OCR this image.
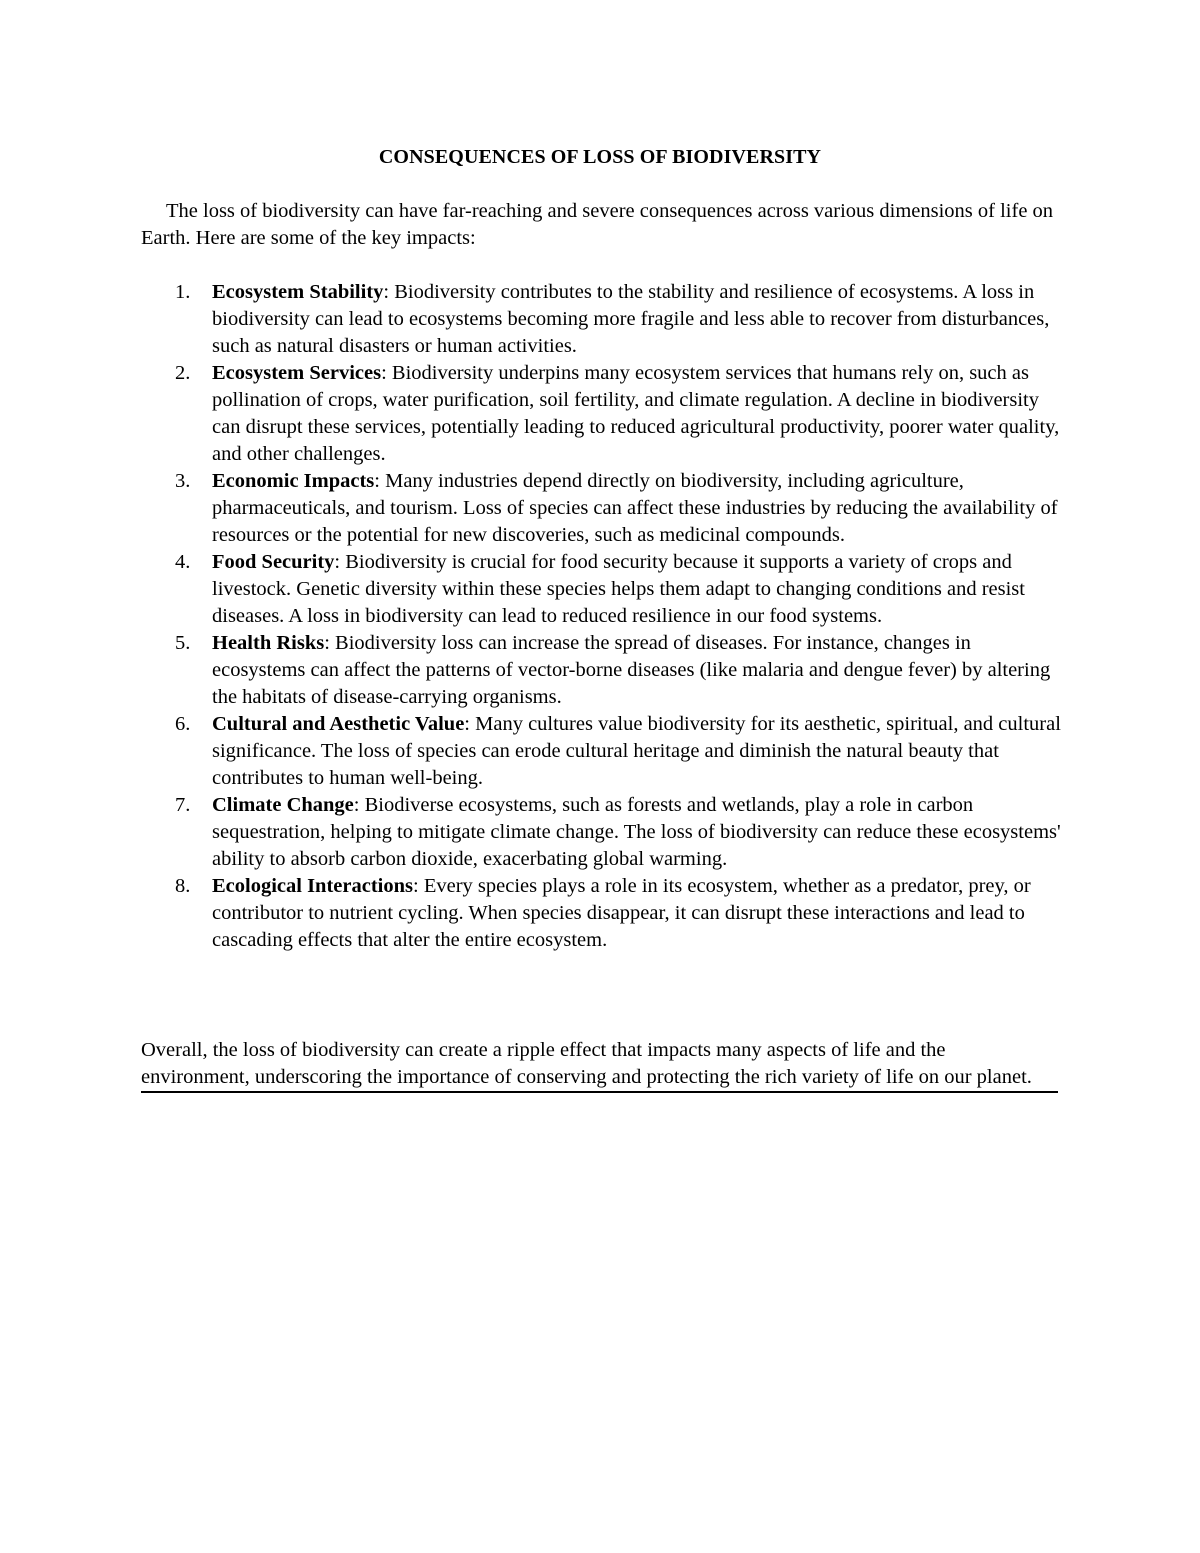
CONSEQUENCES OF LOSS OF BIODIVERSITY

The loss of biodiversity can have far-reaching and severe consequences across various dimensions of life on Earth. Here are some of the key impacts:

1. Ecosystem Stability: Biodiversity contributes to the stability and resilience of ecosystems. A loss in biodiversity can lead to ecosystems becoming more fragile and less able to recover from disturbances, such as natural disasters or human activities.
2. Ecosystem Services: Biodiversity underpins many ecosystem services that humans rely on, such as pollination of crops, water purification, soil fertility, and climate regulation. A decline in biodiversity can disrupt these services, potentially leading to reduced agricultural productivity, poorer water quality, and other challenges.
3. Economic Impacts: Many industries depend directly on biodiversity, including agriculture, pharmaceuticals, and tourism. Loss of species can affect these industries by reducing the availability of resources or the potential for new discoveries, such as medicinal compounds.
4. Food Security: Biodiversity is crucial for food security because it supports a variety of crops and livestock. Genetic diversity within these species helps them adapt to changing conditions and resist diseases. A loss in biodiversity can lead to reduced resilience in our food systems.
5. Health Risks: Biodiversity loss can increase the spread of diseases. For instance, changes in ecosystems can affect the patterns of vector-borne diseases (like malaria and dengue fever) by altering the habitats of disease-carrying organisms.
6. Cultural and Aesthetic Value: Many cultures value biodiversity for its aesthetic, spiritual, and cultural significance. The loss of species can erode cultural heritage and diminish the natural beauty that contributes to human well-being.
7. Climate Change: Biodiverse ecosystems, such as forests and wetlands, play a role in carbon sequestration, helping to mitigate climate change. The loss of biodiversity can reduce these ecosystems' ability to absorb carbon dioxide, exacerbating global warming.
8. Ecological Interactions: Every species plays a role in its ecosystem, whether as a predator, prey, or contributor to nutrient cycling. When species disappear, it can disrupt these interactions and lead to cascading effects that alter the entire ecosystem.

Overall, the loss of biodiversity can create a ripple effect that impacts many aspects of life and the environment, underscoring the importance of conserving and protecting the rich variety of life on our planet.
